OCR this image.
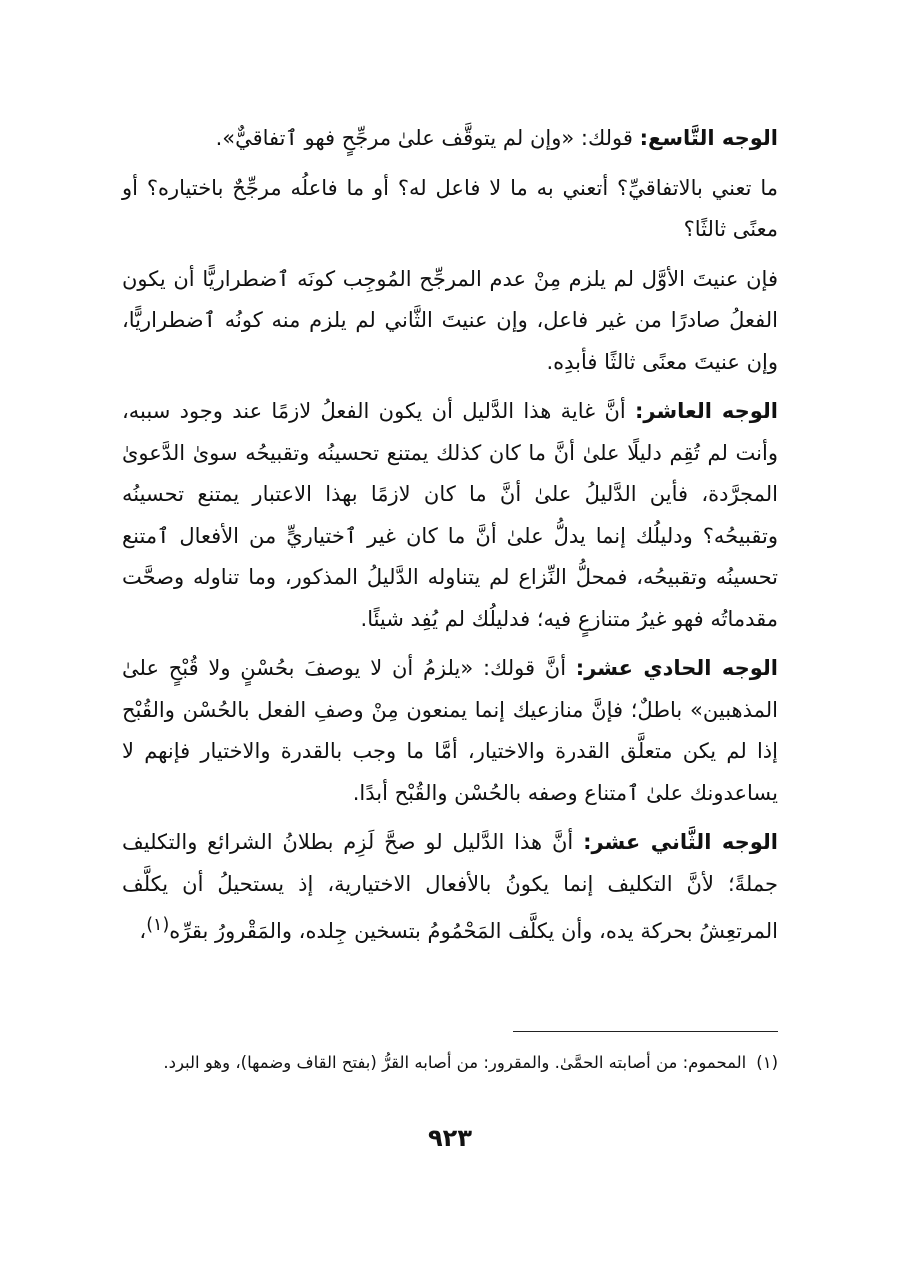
الوجه التَّاسع: قولك: «وإن لم يتوقَّف علىٰ مرجِّحٍ فهو ٱتفاقيٌّ».

ما تعني بالاتفاقيِّ؟ أتعني به ما لا فاعل له؟ أو ما فاعلُه مرجِّحٌ باختياره؟ أو معنًى ثالثًا؟

فإن عنيتَ الأوَّل لم يلزم مِنْ عدم المرجِّح المُوجِب كونَه ٱضطراريًّا أن يكون الفعلُ صادرًا من غير فاعل، وإن عنيتَ الثَّاني لم يلزم منه كونُه ٱضطراريًّا، وإن عنيتَ معنًى ثالثًا فأبدِه.

الوجه العاشر: أنَّ غاية هذا الدَّليل أن يكون الفعلُ لازمًا عند وجود سببه، وأنت لم تُقِم دليلًا علىٰ أنَّ ما كان كذلك يمتنع تحسينُه وتقبيحُه سوىٰ الدَّعوىٰ المجرَّدة، فأين الدَّليلُ علىٰ أنَّ ما كان لازمًا بهذا الاعتبار يمتنع تحسينُه وتقبيحُه؟ ودليلُك إنما يدلُّ علىٰ أنَّ ما كان غير ٱختياريٍّ من الأفعال ٱمتنع تحسينُه وتقبيحُه، فمحلُّ النِّزاع لم يتناوله الدَّليلُ المذكور، وما تناوله وصحَّت مقدماتُه فهو غيرُ متنازعٍ فيه؛ فدليلُك لم يُفِد شيئًا.

الوجه الحادي عشر: أنَّ قولك: «يلزمُ أن لا يوصفَ بحُسْنٍ ولا قُبْحٍ علىٰ المذهبين» باطلٌ؛ فإنَّ منازعيك إنما يمنعون مِنْ وصفِ الفعل بالحُسْن والقُبْح إذا لم يكن متعلَّق القدرة والاختيار، أمَّا ما وجب بالقدرة والاختيار فإنهم لا يساعدونك علىٰ ٱمتناع وصفه بالحُسْن والقُبْح أبدًا.

الوجه الثَّاني عشر: أنَّ هذا الدَّليل لو صحَّ لَزِم بطلانُ الشرائع والتكليف جملةً؛ لأنَّ التكليف إنما يكونُ بالأفعال الاختيارية، إذ يستحيلُ أن يكلَّف المرتعِشُ بحركة يده، وأن يكلَّف المَحْمُومُ بتسخين جِلده، والمَقْرورُ بقرِّه$^{(١)}$،

(١)المحموم: من أصابته الحمَّىٰ. والمقرور: من أصابه القرُّ (بفتح القاف وضمها)، وهو البرد.
٩٢٣
